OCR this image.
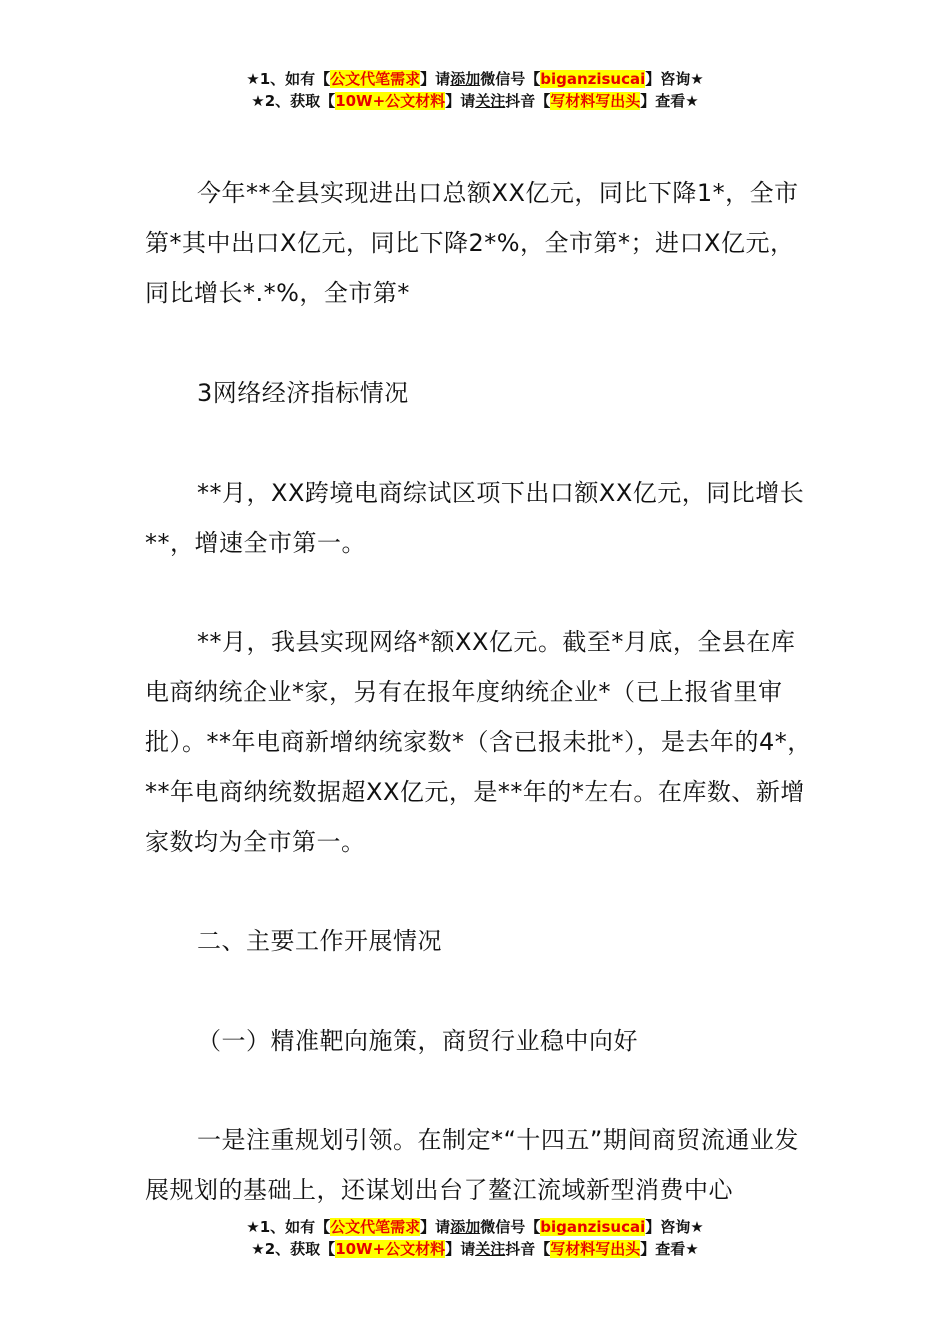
★1、如有【公文代笔需求】请添加微信号【biganzisucai】咨询★
★2、获取【10W+公文材料】请关注抖音【写材料写出头】查看★

今年**全县实现进出口总额XX亿元，同比下降1*，全市第*其中出口X亿元，同比下降2*%，全市第*；进口X亿元，同比增长*.*%，全市第*

3网络经济指标情况

**月，XX跨境电商综试区项下出口额XX亿元，同比增长**，增速全市第一。

**月，我县实现网络*额XX亿元。截至*月底，全县在库电商纳统企业*家，另有在报年度纳统企业*（已上报省里审批）。**年电商新增纳统家数*（含已报未批*），是去年的4*，**年电商纳统数据超XX亿元，是**年的*左右。在库数、新增家数均为全市第一。

二、主要工作开展情况

（一）精准靶向施策，商贸行业稳中向好

一是注重规划引领。在制定*“十四五”期间商贸流通业发展规划的基础上，还谋划出台了鳌江流域新型消费中心

★1、如有【公文代笔需求】请添加微信号【biganzisucai】咨询★
★2、获取【10W+公文材料】请关注抖音【写材料写出头】查看★
